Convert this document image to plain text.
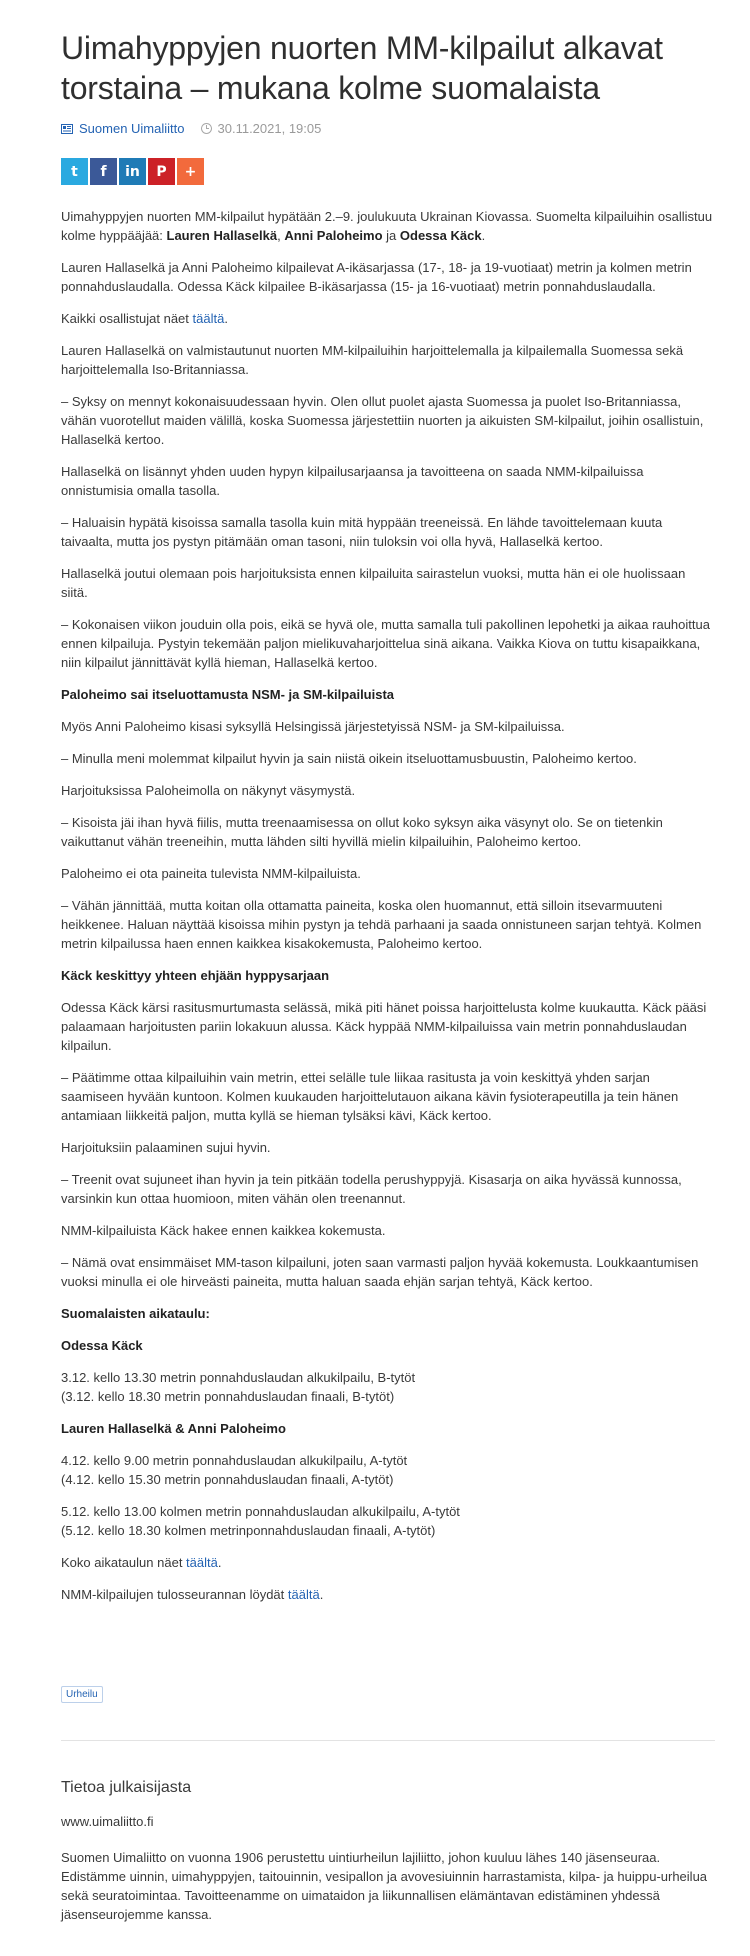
Uimahyppyjen nuorten MM-kilpailut alkavat torstaina – mukana kolme suomalaista
Suomen Uimaliitto	30.11.2021, 19:05
t f in P +

Uimahyppyjen nuorten MM-kilpailut hypätään 2.–9. joulukuuta Ukrainan Kiovassa. Suomelta kilpailuihin osallistuu kolme hyppääjää: Lauren Hallaselkä, Anni Paloheimo ja Odessa Käck.

Lauren Hallaselkä ja Anni Paloheimo kilpailevat A-ikäsarjassa (17-, 18- ja 19-vuotiaat) metrin ja kolmen metrin ponnahduslaudalla. Odessa Käck kilpailee B-ikäsarjassa (15- ja 16-vuotiaat) metrin ponnahduslaudalla.

Kaikki osallistujat näet täältä.

Lauren Hallaselkä on valmistautunut nuorten MM-kilpailuihin harjoittelemalla ja kilpailemalla Suomessa sekä harjoittelemalla Iso-Britanniassa.

– Syksy on mennyt kokonaisuudessaan hyvin. Olen ollut puolet ajasta Suomessa ja puolet Iso-Britanniassa, vähän vuorotellut maiden välillä, koska Suomessa järjestettiin nuorten ja aikuisten SM-kilpailut, joihin osallistuin, Hallaselkä kertoo.

Hallaselkä on lisännyt yhden uuden hypyn kilpailusarjaansa ja tavoitteena on saada NMM-kilpailuissa onnistumisia omalla tasolla.

– Haluaisin hypätä kisoissa samalla tasolla kuin mitä hyppään treeneissä. En lähde tavoittelemaan kuuta taivaalta, mutta jos pystyn pitämään oman tasoni, niin tuloksin voi olla hyvä, Hallaselkä kertoo.

Hallaselkä joutui olemaan pois harjoituksista ennen kilpailuita sairastelun vuoksi, mutta hän ei ole huolissaan siitä.

– Kokonaisen viikon jouduin olla pois, eikä se hyvä ole, mutta samalla tuli pakollinen lepohetki ja aikaa rauhoittua ennen kilpailuja. Pystyin tekemään paljon mielikuvaharjoittelua sinä aikana. Vaikka Kiova on tuttu kisapaikkana, niin kilpailut jännittävät kyllä hieman, Hallaselkä kertoo.

Paloheimo sai itseluottamusta NSM- ja SM-kilpailuista

Myös Anni Paloheimo kisasi syksyllä Helsingissä järjestetyissä NSM- ja SM-kilpailuissa.

– Minulla meni molemmat kilpailut hyvin ja sain niistä oikein itseluottamusbuustin, Paloheimo kertoo.

Harjoituksissa Paloheimolla on näkynyt väsymystä.

– Kisoista jäi ihan hyvä fiilis, mutta treenaamisessa on ollut koko syksyn aika väsynyt olo. Se on tietenkin vaikuttanut vähän treeneihin, mutta lähden silti hyvillä mielin kilpailuihin, Paloheimo kertoo.

Paloheimo ei ota paineita tulevista NMM-kilpailuista.

– Vähän jännittää, mutta koitan olla ottamatta paineita, koska olen huomannut, että silloin itsevarmuuteni heikkenee. Haluan näyttää kisoissa mihin pystyn ja tehdä parhaani ja saada onnistuneen sarjan tehtyä. Kolmen metrin kilpailussa haen ennen kaikkea kisakokemusta, Paloheimo kertoo.

Käck keskittyy yhteen ehjään hyppysarjaan

Odessa Käck kärsi rasitusmurtumasta selässä, mikä piti hänet poissa harjoittelusta kolme kuukautta. Käck pääsi palaamaan harjoitusten pariin lokakuun alussa. Käck hyppää NMM-kilpailuissa vain metrin ponnahduslaudan kilpailun.

– Päätimme ottaa kilpailuihin vain metrin, ettei selälle tule liikaa rasitusta ja voin keskittyä yhden sarjan saamiseen hyvään kuntoon. Kolmen kuukauden harjoittelutauon aikana kävin fysioterapeutilla ja tein hänen antamiaan liikkeitä paljon, mutta kyllä se hieman tylsäksi kävi, Käck kertoo.

Harjoituksiin palaaminen sujui hyvin.

– Treenit ovat sujuneet ihan hyvin ja tein pitkään todella perushyppyjä. Kisasarja on aika hyvässä kunnossa, varsinkin kun ottaa huomioon, miten vähän olen treenannut.

NMM-kilpailuista Käck hakee ennen kaikkea kokemusta.

– Nämä ovat ensimmäiset MM-tason kilpailuni, joten saan varmasti paljon hyvää kokemusta. Loukkaantumisen vuoksi minulla ei ole hirveästi paineita, mutta haluan saada ehjän sarjan tehtyä, Käck kertoo.

Suomalaisten aikataulu:

Odessa Käck

3.12. kello 13.30 metrin ponnahduslaudan alkukilpailu, B-tytöt
(3.12. kello 18.30 metrin ponnahduslaudan finaali, B-tytöt)

Lauren Hallaselkä & Anni Paloheimo

4.12. kello 9.00 metrin ponnahduslaudan alkukilpailu, A-tytöt
(4.12. kello 15.30 metrin ponnahduslaudan finaali, A-tytöt)

5.12. kello 13.00 kolmen metrin ponnahduslaudan alkukilpailu, A-tytöt
(5.12. kello 18.30 kolmen metrinponnahduslaudan finaali, A-tytöt)

Koko aikataulun näet täältä.

NMM-kilpailujen tulosseurannan löydät täältä.

Urheilu
Tietoa julkaisijasta
www.uimaliitto.fi
Suomen Uimaliitto on vuonna 1906 perustettu uintiurheilun lajiliitto, johon kuuluu lähes 140 jäsenseuraa. Edistämme uinnin, uimahyppyjen, taitouinnin, vesipallon ja avovesiuinnin harrastamista, kilpa- ja huippu-urheilua sekä seuratoimintaa. Tavoitteenamme on uimataidon ja liikunnallisen elämäntavan edistäminen yhdessä jäsenseurojemme kanssa.
